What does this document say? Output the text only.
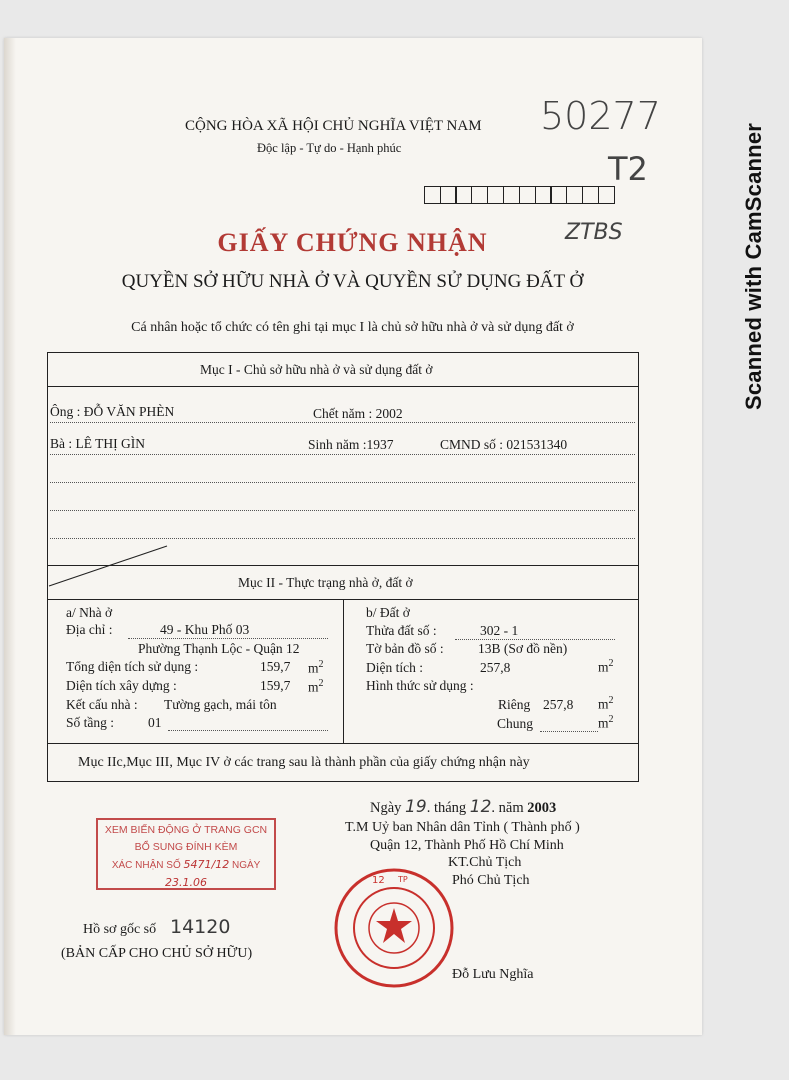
CỘNG HÒA XÃ HỘI CHỦ NGHĨA VIỆT NAM
Độc lập - Tự do - Hạnh phúc
50277
T2
ZTBS
GIẤY CHỨNG NHẬN
QUYỀN SỞ HỮU NHÀ Ở VÀ QUYỀN SỬ DỤNG ĐẤT Ở
Cá nhân hoặc tổ chức có tên ghi tại mục I là chủ sở hữu nhà ở và sử dụng đất ở
Mục I - Chủ sở hữu nhà ở và sử dụng đất ở
Ông : ĐỖ VĂN PHÈN	Chết năm : 2002
Bà : LÊ THỊ GÌN	Sinh năm :1937	CMND số : 021531340
Mục II - Thực trạng nhà ở, đất ở
a/ Nhà ở
Địa chỉ :	49 - Khu Phố 03
Phường Thạnh Lộc - Quận 12
Tổng diện tích sử dụng :	159,7 $m^2$
Diện tích xây dựng :	159,7 $m^2$
Kết cấu nhà : Tường gạch, mái tôn
Số tầng :	01
b/ Đất ở
Thửa đất số :	302 - 1
Tờ bản đồ số :	13B (Sơ đồ nền)
Diện tích :	257,8	$m^2$
Hình thức sử dụng :
Riêng 257,8 $m^2$
Chung	$m^2$
Mục IIc,Mục III, Mục IV ở các trang sau là thành phần của giấy chứng nhận này
Ngày 19. tháng 12. năm 2003
T.M Uỷ ban Nhân dân Tỉnh ( Thành phố )
Quận 12, Thành Phố Hồ Chí Minh
KT.Chủ Tịch
Phó Chủ Tịch
Đỗ Lưu Nghĩa
XEM BIẾN ĐỘNG Ở TRANG GCN
BỔ SUNG ĐÍNH KÈM
XÁC NHẬN SỐ 5471/12 NGÀY 23.1.06	12 TP
Hồ sơ gốc số 14120
(BẢN CẤP CHO CHỦ SỞ HỮU)
Scanned with CamScanner
